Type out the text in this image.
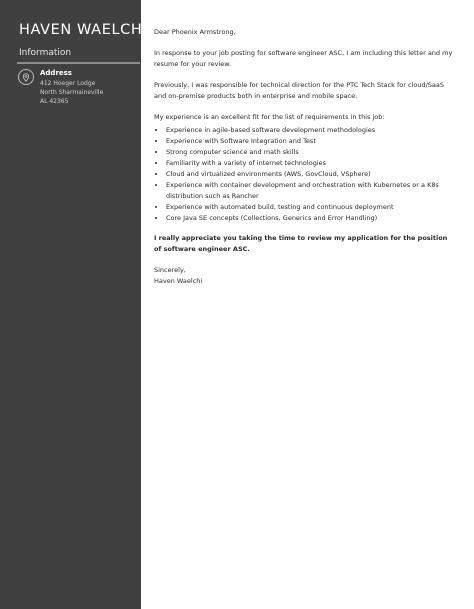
HAVEN WAELCHI
Information
Address
412 Hoeger Lodge
North Sharmaineville
AL 42365

Dear Phoenix Armstrong,

In response to your job posting for software engineer ASC, I am including this letter and my resume for your review.

Previously, I was responsible for technical direction for the PTC Tech Stack for cloud/SaaS and on-premise products both in enterprise and mobile space.

My experience is an excellent fit for the list of requirements in this job:

• Experience in agile-based software development methodologies
• Experience with Software Integration and Test
• Strong computer science and math skills
• Familiarity with a variety of internet technologies
• Cloud and virtualized environments (AWS, GovCloud, VSphere)
• Experience with container development and orchestration with Kubernetes or a K8s distribution such as Rancher
• Experience with automated build, testing and continuous deployment
• Core Java SE concepts (Collections, Generics and Error Handling)

I really appreciate you taking the time to review my application for the position of software engineer ASC.

Sincerely,

Haven Waelchi
